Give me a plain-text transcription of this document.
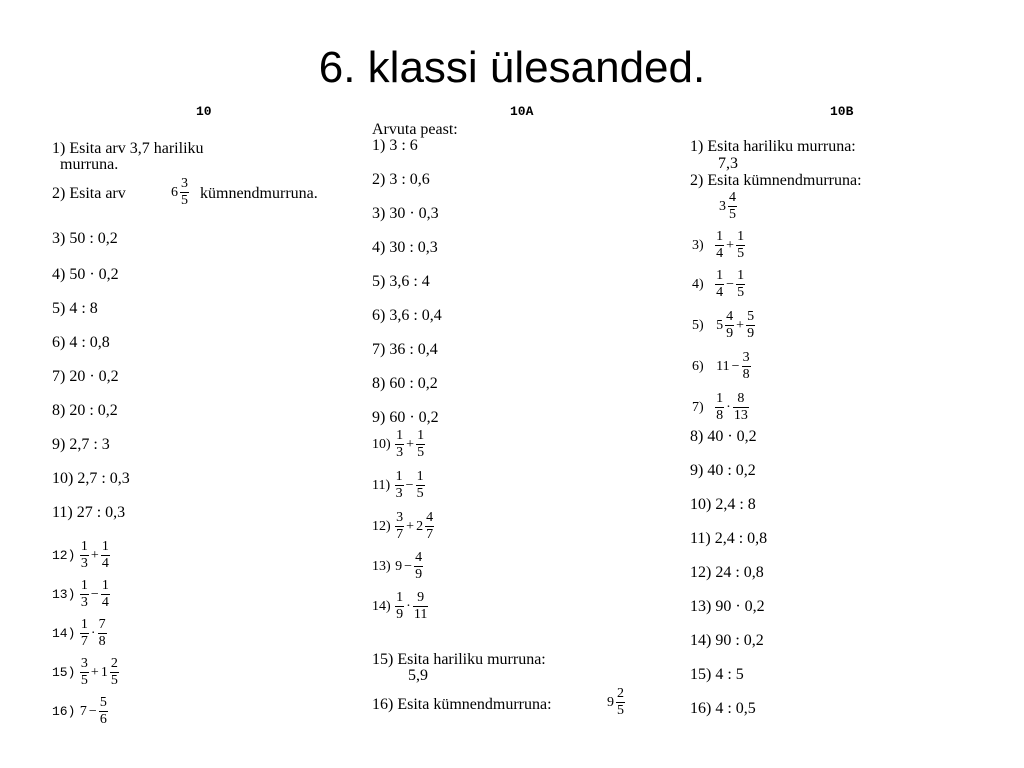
6. klassi ülesanded.
10
1) Esita arv 3,7 hariliku
murruna.
2) Esita arv	$6 \frac{3}{5}$ kümnendmurruna.
3) 50 : 0,2
4) 50 · 0,2
5) 4 : 8
6) 4 : 0,8
7) 20 · 0,2
8) 20 : 0,2
9) 2,7 : 3
10) 2,7 : 0,3
11) 27 : 0,3
$12) \frac{1}{3} + \frac{1}{4}$
$13) \frac{1}{3} - \frac{1}{4}$
$14) \frac{1}{7} \cdot \frac{7}{8}$
$15) \frac{3}{5} + 1 \frac{2}{5}$
16) $7 - \frac{5}{6}$
10A
Arvuta peast:
1) 3 : 6
2) 3 : 0,6
3) 30 · 0,3
4) 30 : 0,3
5) 3,6 : 4
6) 3,6 : 0,4
7) 36 : 0,4
8) 60 : 0,2
9) 60 · 0,2
$10) \frac{1}{3} + \frac{1}{5}$
$11) \frac{1}{3} - \frac{1}{5}$
$12) \frac{3}{7} + 2 \frac{4}{7}$
13) $9 - \frac{4}{9}$
$14) \frac{1}{9} \cdot \frac{9}{11}$
15) Esita hariliku murruna:
5,9
16) Esita kümnendmurruna:	$9 \frac{2}{5}$
10B
1) Esita hariliku murruna:
7,3
2) Esita kümnendmurruna:
$3 \frac{4}{5}$
$3) \frac{1}{4} + \frac{1}{5}$
$4) \frac{1}{4} - \frac{1}{5}$
5) $5 \frac{4}{9} + \frac{5}{9}$
6) $11 - \frac{3}{8}$
$7) \frac{1}{8} \cdot \frac{8}{13}$
8) 40 · 0,2
9) 40 : 0,2
10) 2,4 : 8
11) 2,4 : 0,8
12) 24 : 0,8
13) 90 · 0,2
14) 90 : 0,2
15) 4 : 5
16) 4 : 0,5
